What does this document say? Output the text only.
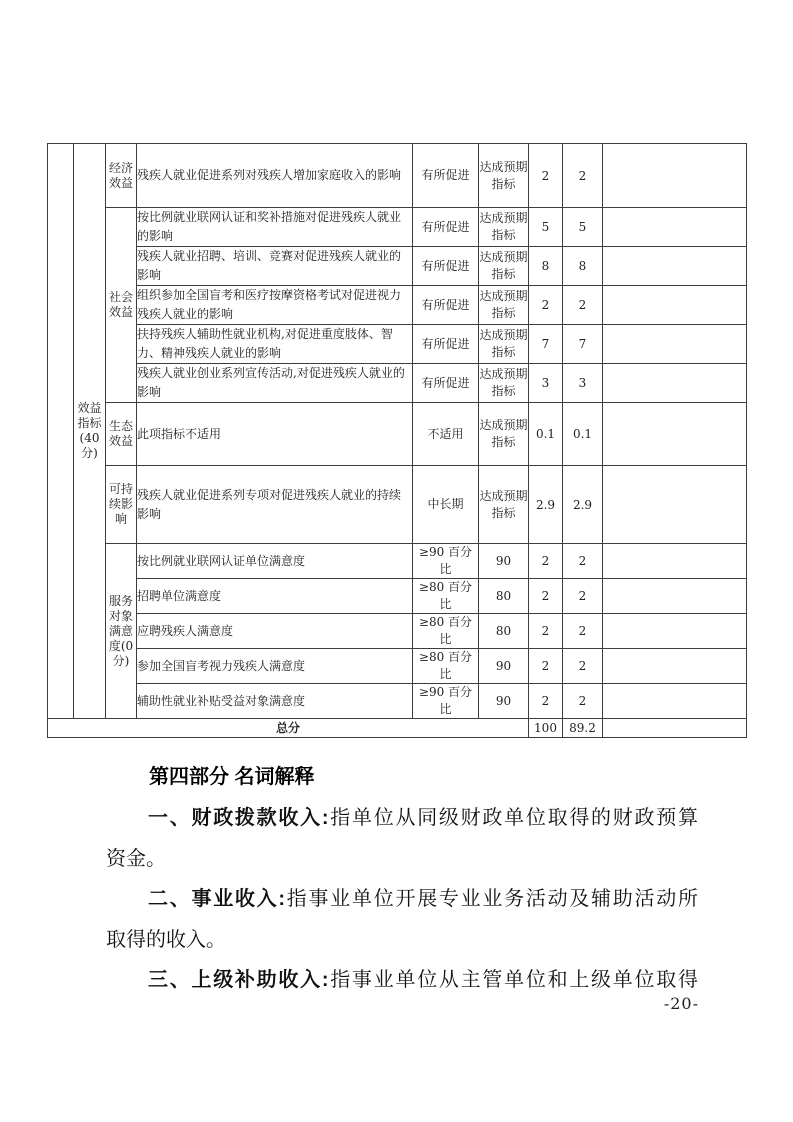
	效益指标(40分)	经济效益	残疾人就业促进系列对残疾人增加家庭收入的影响	有所促进	达成预期指标	2	2	
		社会效益	按比例就业联网认证和奖补措施对促进残疾人就业的影响	有所促进	达成预期指标	5	5	
			残疾人就业招聘、培训、竞赛对促进残疾人就业的影响	有所促进	达成预期指标	8	8	
			组织参加全国盲考和医疗按摩资格考试对促进视力残疾人就业的影响	有所促进	达成预期指标	2	2	
			扶持残疾人辅助性就业机构,对促进重度肢体、智力、精神残疾人就业的影响	有所促进	达成预期指标	7	7	
			残疾人就业创业系列宣传活动,对促进残疾人就业的影响	有所促进	达成预期指标	3	3	
		生态效益	此项指标不适用	不适用	达成预期指标	0.1	0.1	
		可持续影响	残疾人就业促进系列专项对促进残疾人就业的持续影响	中长期	达成预期指标	2.9	2.9	
		服务对象满意度(0分)	按比例就业联网认证单位满意度	≥90 百分比	90	2	2	
			招聘单位满意度	≥80 百分比	80	2	2	
			应聘残疾人满意度	≥80 百分比	80	2	2	
			参加全国盲考视力残疾人满意度	≥80 百分比	90	2	2	
			辅助性就业补贴受益对象满意度	≥90 百分比	90	2	2	
总分						100	89.2	
第四部分 名词解释
一、财政拨款收入:指单位从同级财政单位取得的财政预算
资金。
二、事业收入:指事业单位开展专业业务活动及辅助活动所
取得的收入。
三、上级补助收入:指事业单位从主管单位和上级单位取得
-20-
